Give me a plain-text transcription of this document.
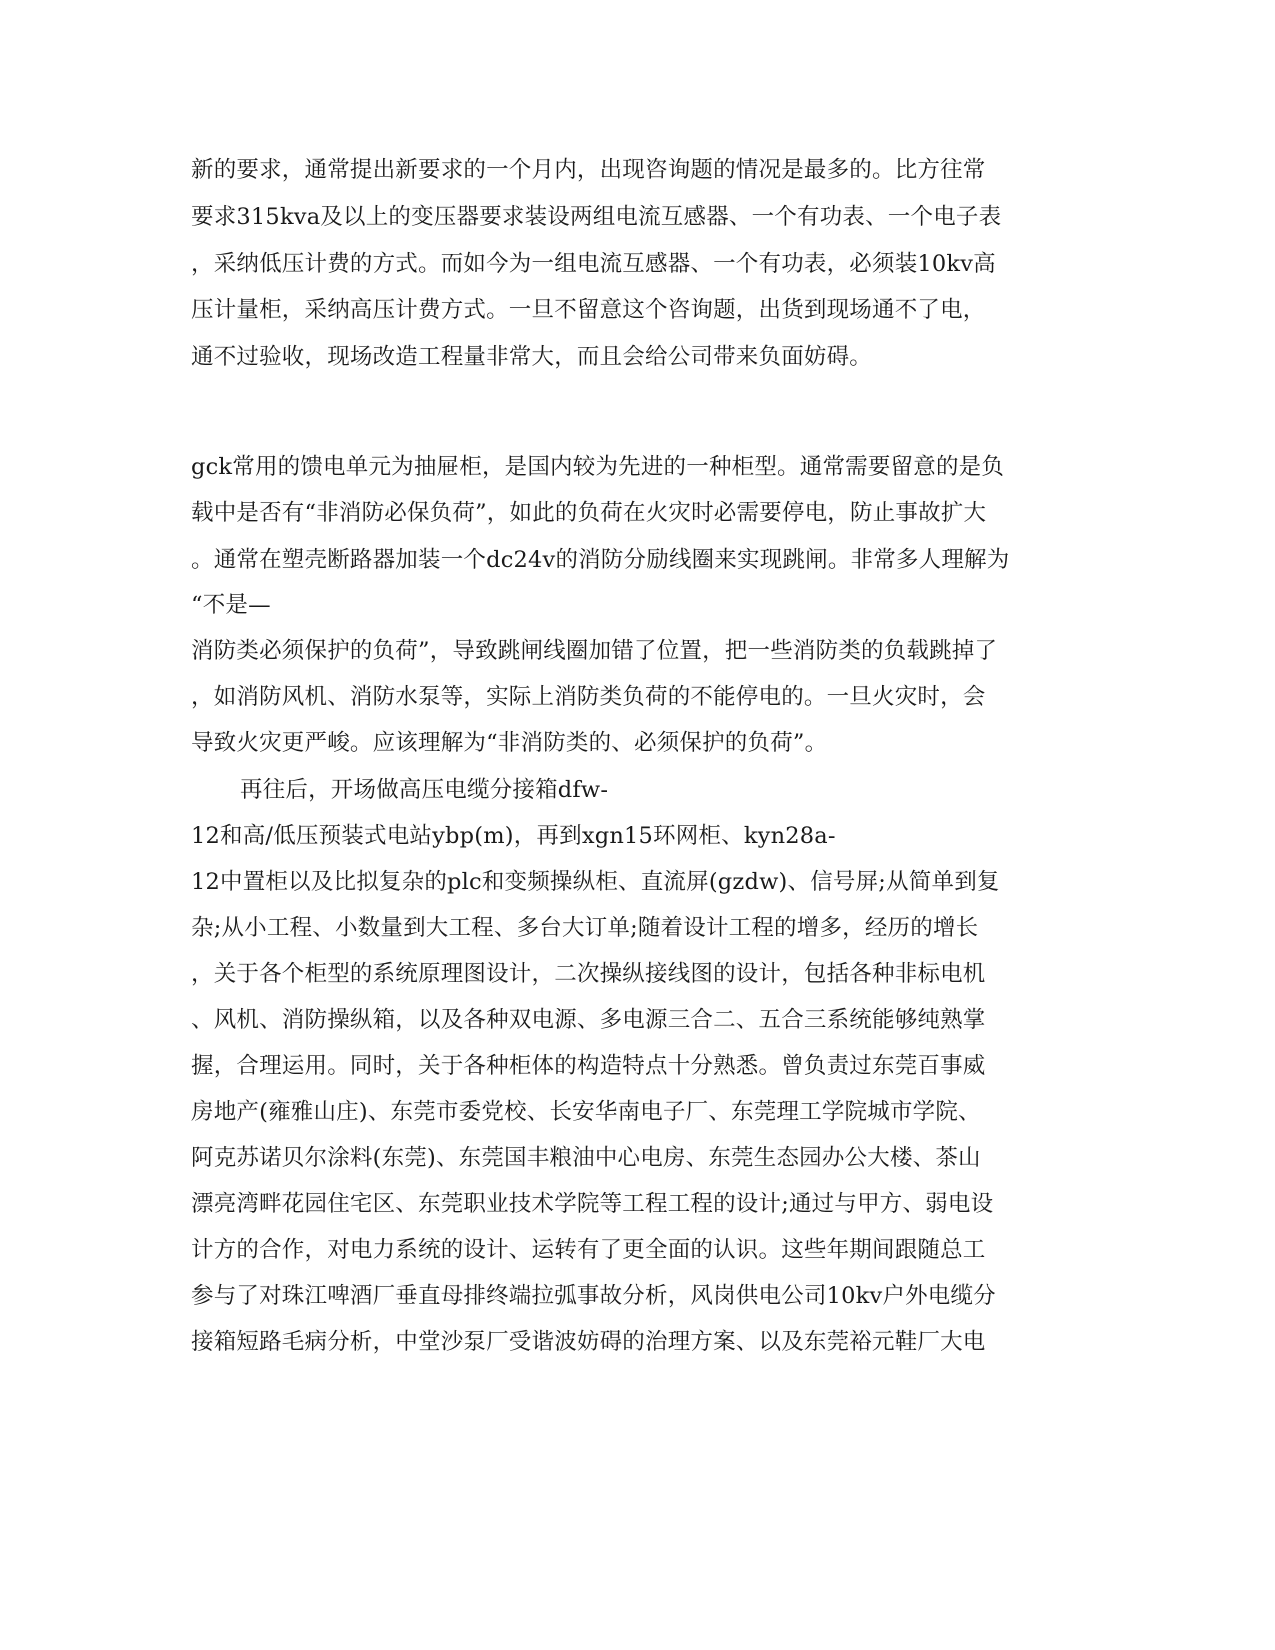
新的要求，通常提出新要求的一个月内，出现咨询题的情况是最多的。比方往常
要求315kva及以上的变压器要求装设两组电流互感器、一个有功表、一个电子表
，采纳低压计费的方式。而如今为一组电流互感器、一个有功表，必须装10kv高
压计量柜，采纳高压计费方式。一旦不留意这个咨询题，出货到现场通不了电，
通不过验收，现场改造工程量非常大，而且会给公司带来负面妨碍。
gck常用的馈电单元为抽屉柜，是国内较为先进的一种柜型。通常需要留意的是负
载中是否有“非消防必保负荷”，如此的负荷在火灾时必需要停电，防止事故扩大
。通常在塑壳断路器加装一个dc24v的消防分励线圈来实现跳闸。非常多人理解为
“不是—
消防类必须保护的负荷”，导致跳闸线圈加错了位置，把一些消防类的负载跳掉了
，如消防风机、消防水泵等，实际上消防类负荷的不能停电的。一旦火灾时，会
导致火灾更严峻。应该理解为“非消防类的、必须保护的负荷”。
再往后，开场做高压电缆分接箱dfw-
12和高/低压预装式电站ybp(m)，再到xgn15环网柜、kyn28a-
12中置柜以及比拟复杂的plc和变频操纵柜、直流屏(gzdw)、信号屏;从简单到复
杂;从小工程、小数量到大工程、多台大订单;随着设计工程的增多，经历的增长
，关于各个柜型的系统原理图设计，二次操纵接线图的设计，包括各种非标电机
、风机、消防操纵箱，以及各种双电源、多电源三合二、五合三系统能够纯熟掌
握，合理运用。同时，关于各种柜体的构造特点十分熟悉。曾负责过东莞百事威
房地产(雍雅山庄)、东莞市委党校、长安华南电子厂、东莞理工学院城市学院、
阿克苏诺贝尔涂料(东莞)、东莞国丰粮油中心电房、东莞生态园办公大楼、茶山
漂亮湾畔花园住宅区、东莞职业技术学院等工程工程的设计;通过与甲方、弱电设
计方的合作，对电力系统的设计、运转有了更全面的认识。这些年期间跟随总工
参与了对珠江啤酒厂垂直母排终端拉弧事故分析，风岗供电公司10kv户外电缆分
接箱短路毛病分析，中堂沙泵厂受谐波妨碍的治理方案、以及东莞裕元鞋厂大电
